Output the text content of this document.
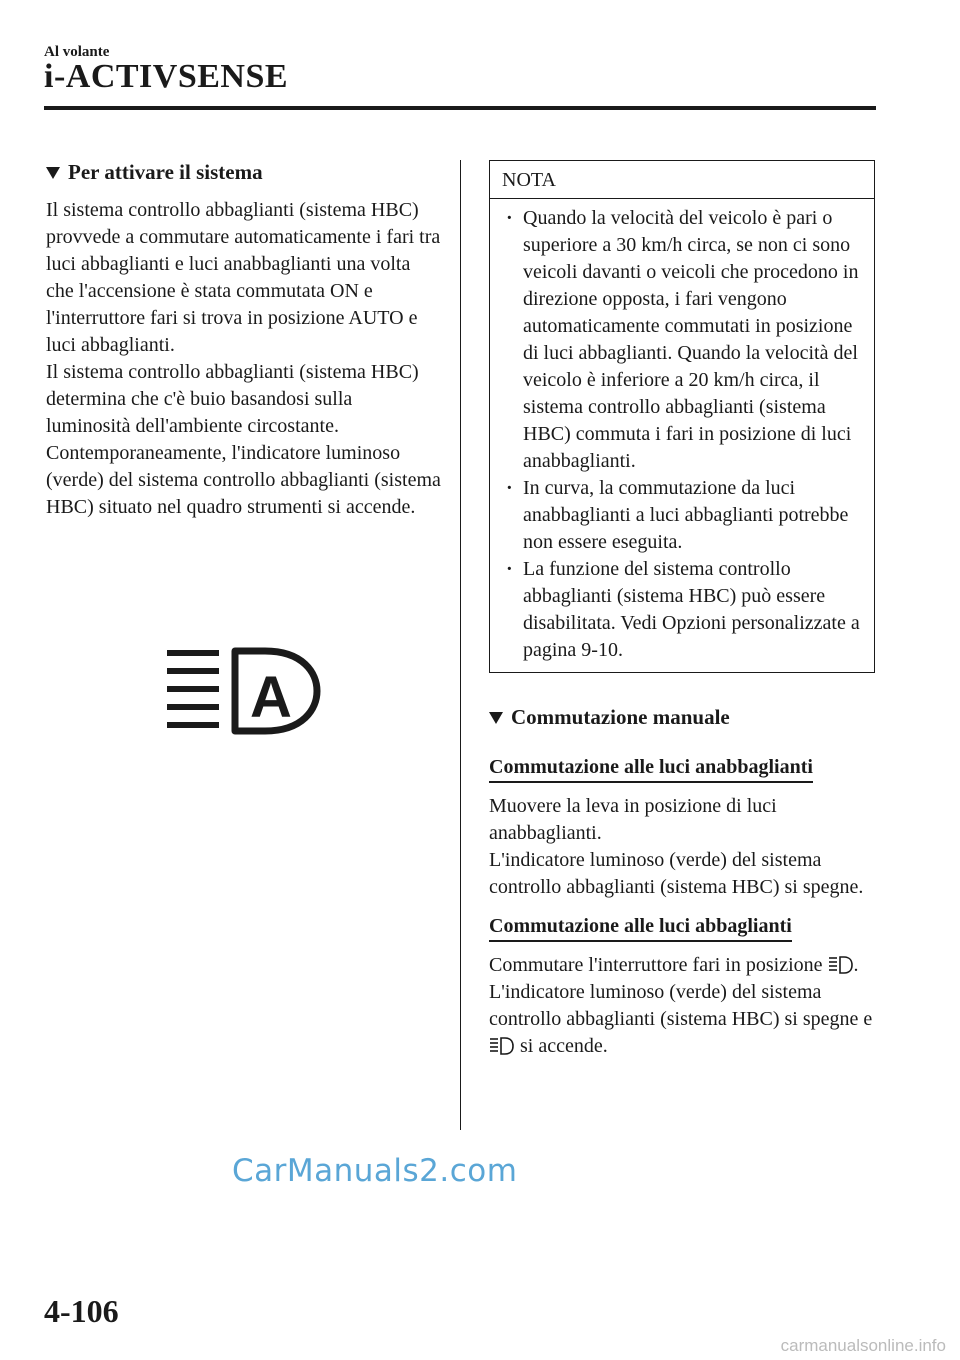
Al volante
i-ACTIVSENSE
Per attivare il sistema

Il sistema controllo abbaglianti (sistema HBC) provvede a commutare automaticamente i fari tra luci abbaglianti e luci anabbaglianti una volta che l'accensione è stata commutata ON e l'interruttore fari si trova in posizione AUTO e luci abbaglianti.

Il sistema controllo abbaglianti (sistema HBC) determina che c'è buio basandosi sulla luminosità dell'ambiente circostante. Contemporaneamente, l'indicatore luminoso (verde) del sistema controllo abbaglianti (sistema HBC) situato nel quadro strumenti si accende.

A
NOTA
· Quando la velocità del veicolo è pari o superiore a 30 km/h circa, se non ci sono veicoli davanti o veicoli che procedono in direzione opposta, i fari vengono automaticamente commutati in posizione di luci abbaglianti. Quando la velocità del veicolo è inferiore a 20 km/h circa, il sistema controllo abbaglianti (sistema HBC) commuta i fari in posizione di luci anabbaglianti.
· In curva, la commutazione da luci anabbaglianti a luci abbaglianti potrebbe non essere eseguita.
· La funzione del sistema controllo abbaglianti (sistema HBC) può essere disabilitata. Vedi Opzioni personalizzate a pagina 9-10.
Commutazione manuale
Commutazione alle luci anabbaglianti

Muovere la leva in posizione di luci anabbaglianti.

L'indicatore luminoso (verde) del sistema controllo abbaglianti (sistema HBC) si spegne.

Commutazione alle luci abbaglianti

Commutare l'interruttore fari in posizione .

L'indicatore luminoso (verde) del sistema controllo abbaglianti (sistema HBC) si spegne e  si accende.

CarManuals2.com
4-106
carmanualsonline.info
